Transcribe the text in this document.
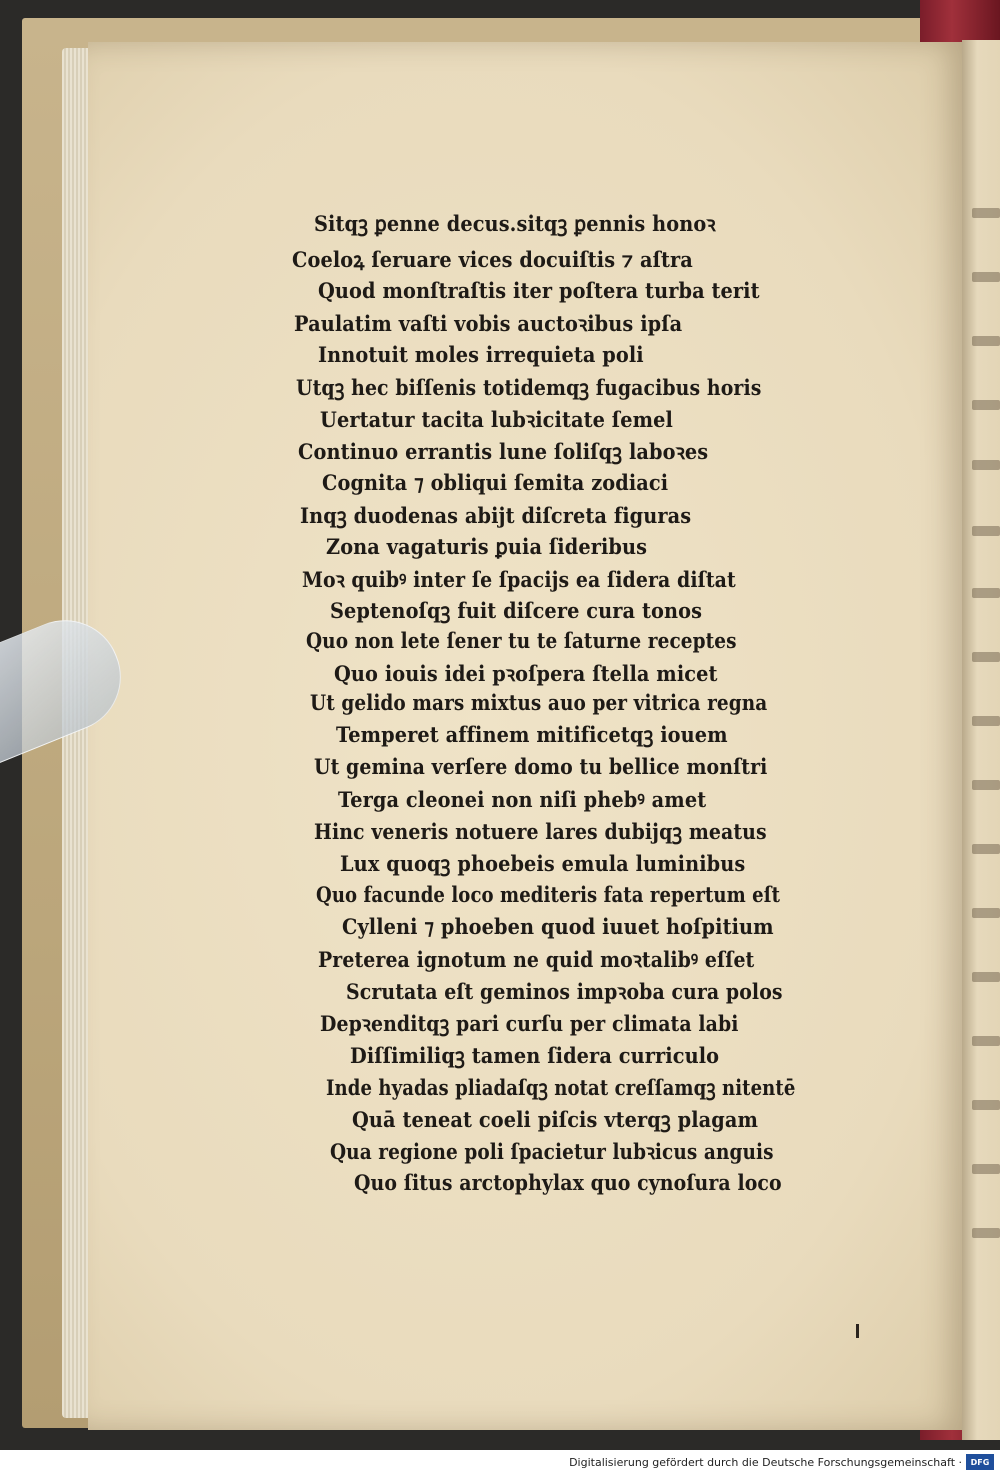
Sitqꝫ ꝑenne decus.sitqꝫ ꝑennis honoꝛ

Coeloꝝ ſeruare vices docuiſtis ⁊ aſtra

Quod monſtraſtis iter poſtera turba terit

Paulatim vaſti vobis auctoꝛibus ipſa

Innotuit moles irrequieta poli

Utqꝫ hec biſſenis totidemqꝫ fugacibus horis

Uertatur tacita lubꝛicitate ſemel

Continuo errantis lune ſoliſqꝫ laboꝛes

Cognita ⁊ obliqui ſemita zodiaci

Inqꝫ duodenas abijt diſcreta figuras

Zona vagaturis ꝑuia ſideribus

Moꝛ quibꝰ inter ſe ſpacijs ea ſidera diſtat

Septenoſqꝫ fuit diſcere cura tonos

Quo non lete ſener tu te ſaturne receptes

Quo iouis idei pꝛoſpera ſtella micet

Ut gelido mars mixtus auo per vitrica regna

Temperet affinem mitificetqꝫ iouem

Ut gemina verſere domo tu bellice monſtri

Terga cleonei non niſi phebꝰ amet

Hinc veneris notuere lares dubijqꝫ meatus

Lux quoqꝫ phoebeis emula luminibus

Quo facunde loco mediteris fata repertum eſt

Cylleni ⁊ phoeben quod iuuet hoſpitium

Preterea ignotum ne quid moꝛtalibꝰ eſſet

Scrutata eſt geminos impꝛoba cura polos

Depꝛenditqꝫ pari curſu per climata labi

Diſſimiliqꝫ tamen ſidera curriculo

Inde hyadas pliadaſqꝫ notat creſſamqꝫ nitentē

Quā teneat coeli piſcis vterqꝫ plagam

Qua regione poli ſpacietur lubꝛicus anguis

Quo ſitus arctophylax quo cynoſura loco

Digitalisierung gefördert durch die Deutsche Forschungsgemeinschaft · DFG
